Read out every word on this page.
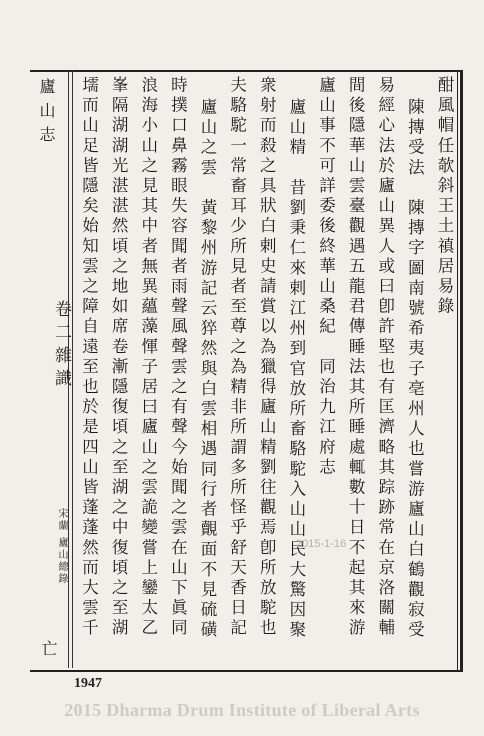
廬山志
卷二雜識
宋蘭 廬山總錄
亡
酣風帽任欹斜王土禛居易錄
陳摶受法　陳摶字圖南號希夷子亳州人也嘗游廬山白鶴觀寂受
易經心法於廬山異人或曰卽許堅也有匡濟略其踪跡常在京洛關輔
間後隱華山雲臺觀遇五龍君傳睡法其所睡處輒數十日不起其來游
廬山事不可詳委後終華山桑紀　同治九江府志
廬山精　昔劉秉仁來剌江州到官放所畜駱駝入山山民大驚因聚
衆射而殺之具狀白剌史請賞以為獵得廬山精劉往觀焉卽所放駝也
夫駱駝一常畜耳少所見者至尊之為精非所謂多所怪乎舒天香日記
廬山之雲　黃黎州游記云猝然與白雲相遇同行者覿面不見硫磺
時撲口鼻霧眼失容聞者雨聲風聲雲之有聲今始聞之雲在山下眞同
浪海小山之見其中者無異蘊藻惲子居曰廬山之雲詭變嘗上鑾太乙
峯隔湖湖光湛湛然頃之地如席卷漸隱復頃之至湖之中復頃之至湖
壖而山足皆隱矣始知雲之障自遠至也於是四山皆蓬蓬然而大雲千	2015-1-16
1947
2015 Dharma Drum Institute of Liberal Arts
